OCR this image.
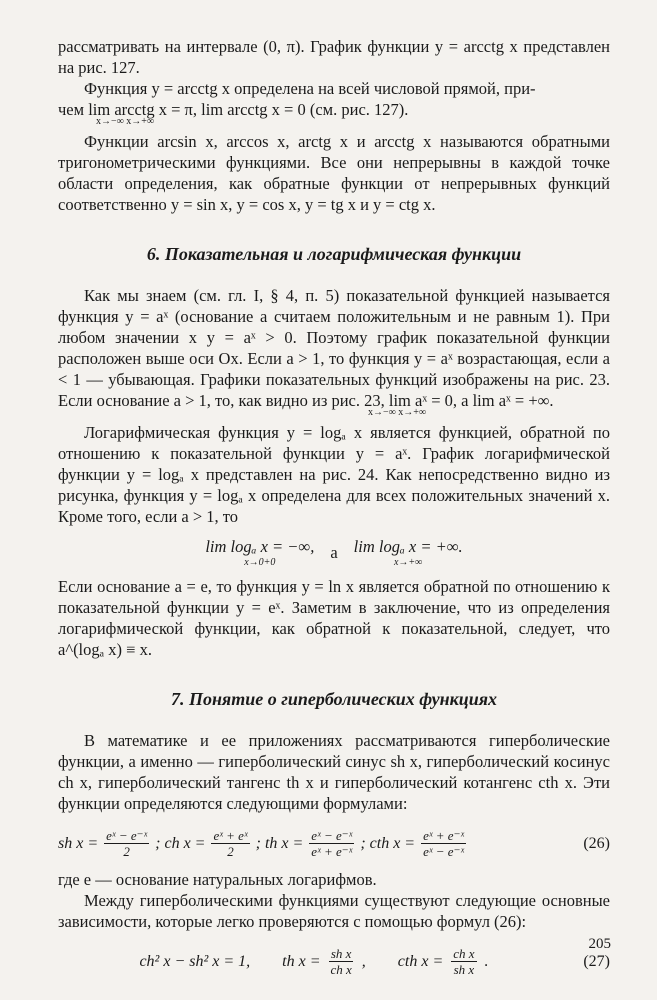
рассматривать на интервале (0, π). График функции y = arcctg x представлен на рис. 127.

Функция y = arcctg x определена на всей числовой прямой, при-

чем lim arcctg x = π, lim arcctg x = 0 (см. рис. 127).

x→−∞ x→+∞

Функции arcsin x, arccos x, arctg x и arcctg x называются обратными тригонометрическими функциями. Все они непрерывны в каждой точке области определения, как обратные функции от непрерывных функций соответственно y = sin x, y = cos x, y = tg x и y = ctg x.

6. Показательная и логарифмическая функции

Как мы знаем (см. гл. I, § 4, п. 5) показательной функцией называется функция y = aˣ (основание a считаем положительным и не равным 1). При любом значении x y = aˣ > 0. Поэтому график показательной функции расположен выше оси Ox. Если a > 1, то функция y = aˣ возрастающая, если a < 1 — убывающая. Графики показательных функций изображены на рис. 23. Если основание a > 1, то, как видно из рис. 23, lim aˣ = 0, а lim aˣ = +∞.

x→−∞ x→+∞

Логарифмическая функция y = logₐ x является функцией, обратной по отношению к показательной функции y = aˣ. График логарифмической функции y = logₐ x представлен на рис. 24. Как непосредственно видно из рисунка, функция y = logₐ x определена для всех положительных значений x. Кроме того, если a > 1, то

lim logₐ x = −∞,
x→0+0
а lim logₐ x = +∞.
x→+∞

Если основание a = e, то функция y = ln x является обратной по отношению к показательной функции y = eˣ. Заметим в заключение, что из определения логарифмической функции, как обратной к показательной, следует, что a^(logₐ x) ≡ x.

7. Понятие о гиперболических функциях

В математике и ее приложениях рассматриваются гиперболические функции, а именно — гиперболический синус sh x, гиперболический косинус ch x, гиперболический тангенс th x и гиперболический котангенс cth x. Эти функции определяются следующими формулами:

sh $x = \frac{\text{eˣ − e⁻ˣ}}{2}$ ; ch $x = \frac{\text{eˣ + eˣ}}{2}$ ; th $x = \frac{\text{eˣ − e⁻ˣ}}{\text{eˣ + e⁻ˣ}}$ ; cth $x = \frac{\text{eˣ + e⁻ˣ}}{\text{eˣ − e⁻ˣ}}$	(26)

где e — основание натуральных логарифмов.

Между гиперболическими функциями существуют следующие основные зависимости, которые легко проверяются с помощью формул (26):

ch² x − sh² x = 1, th $x = \frac{\text{sh x}}{\text{ch x}}$ , cth $x = \frac{\text{ch x}}{\text{sh x}}$ .	(27)
205
